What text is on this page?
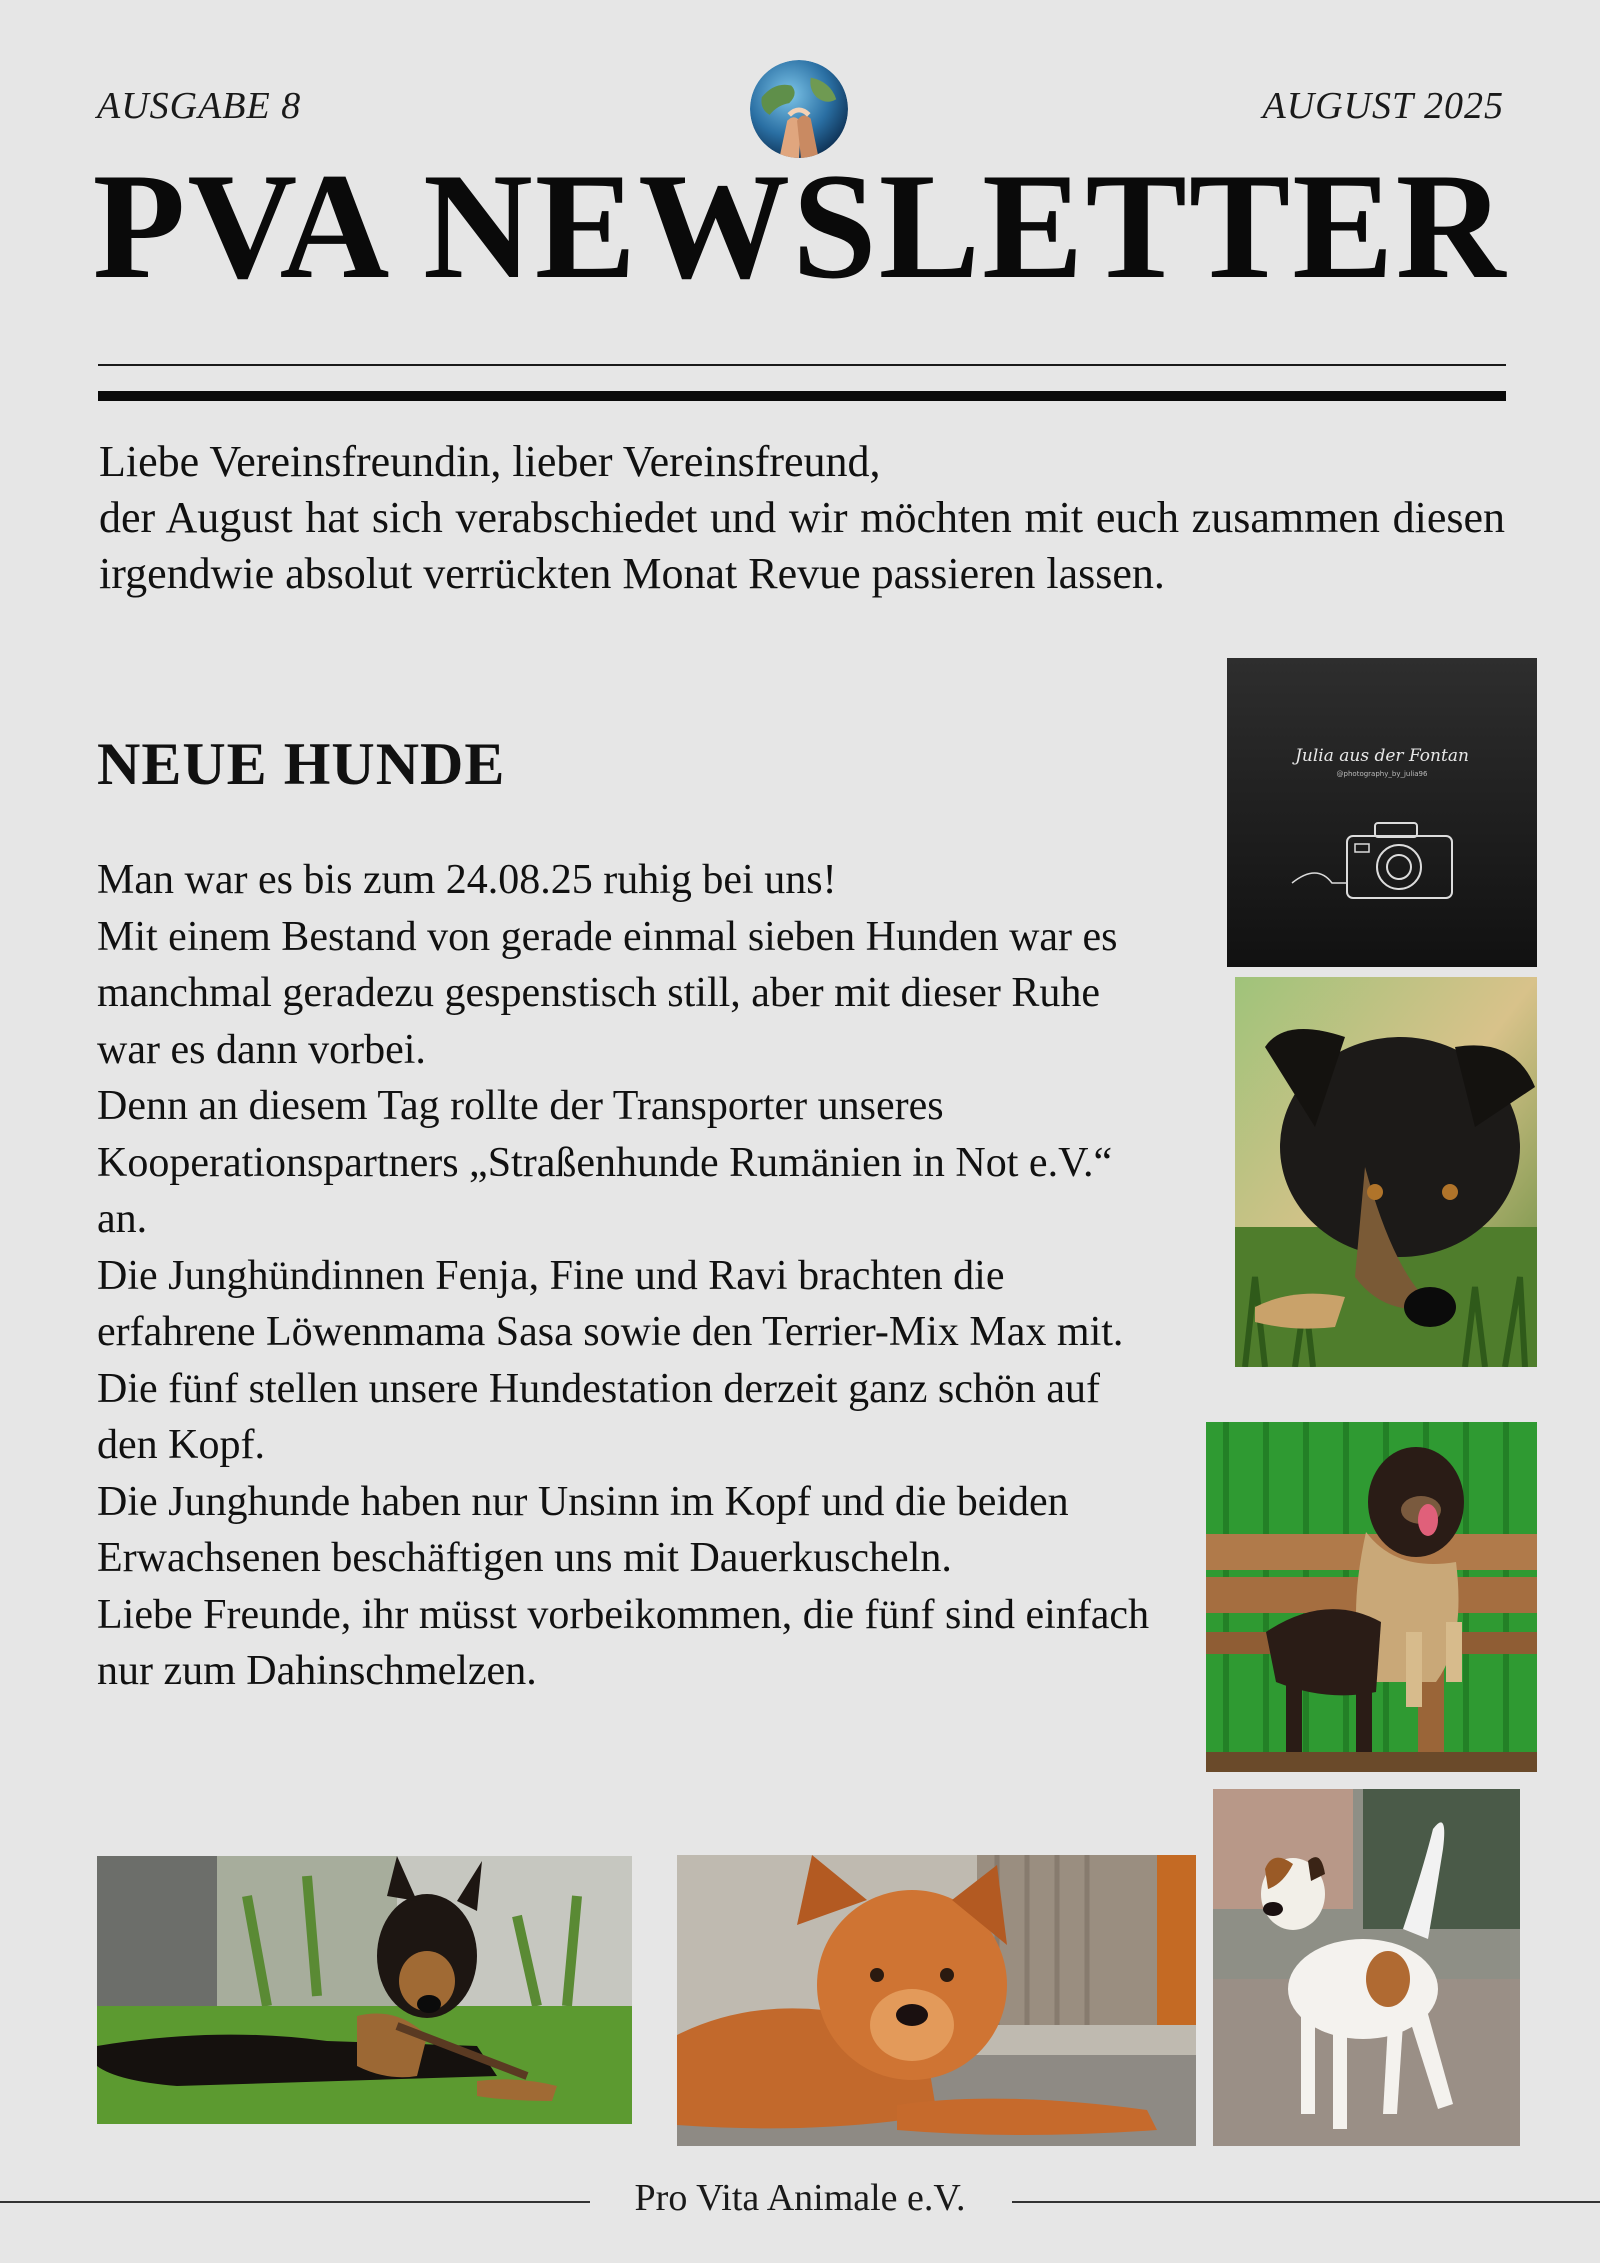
AUSGABE 8	AUGUST 2025
PVA NEWSLETTER

Liebe Vereinsfreundin, lieber Vereinsfreund,

der August hat sich verabschiedet und wir möchten mit euch zusammen diesen irgendwie absolut verrückten Monat Revue passieren lassen.

NEUE HUNDE

Man war es bis zum 24.08.25 ruhig bei uns!

Mit einem Bestand von gerade einmal sieben Hunden war es manchmal geradezu gespenstisch still, aber mit dieser Ruhe war es dann vorbei.

Denn an diesem Tag rollte der Transporter unseres Kooperationspartners „Straßenhunde Rumänien in Not e.V.“ an.

Die Junghündinnen Fenja, Fine und Ravi brachten die erfahrene Löwenmama Sasa sowie den Terrier-Mix Max mit. Die fünf stellen unsere Hundestation derzeit ganz schön auf den Kopf.

Die Junghunde haben nur Unsinn im Kopf und die beiden Erwachsenen beschäftigen uns mit Dauerkuscheln.

Liebe Freunde, ihr müsst vorbeikommen, die fünf sind einfach nur zum Dahinschmelzen.

Julia aus der Fontan
@photography_by_julia96
Pro Vita Animale e.V.
